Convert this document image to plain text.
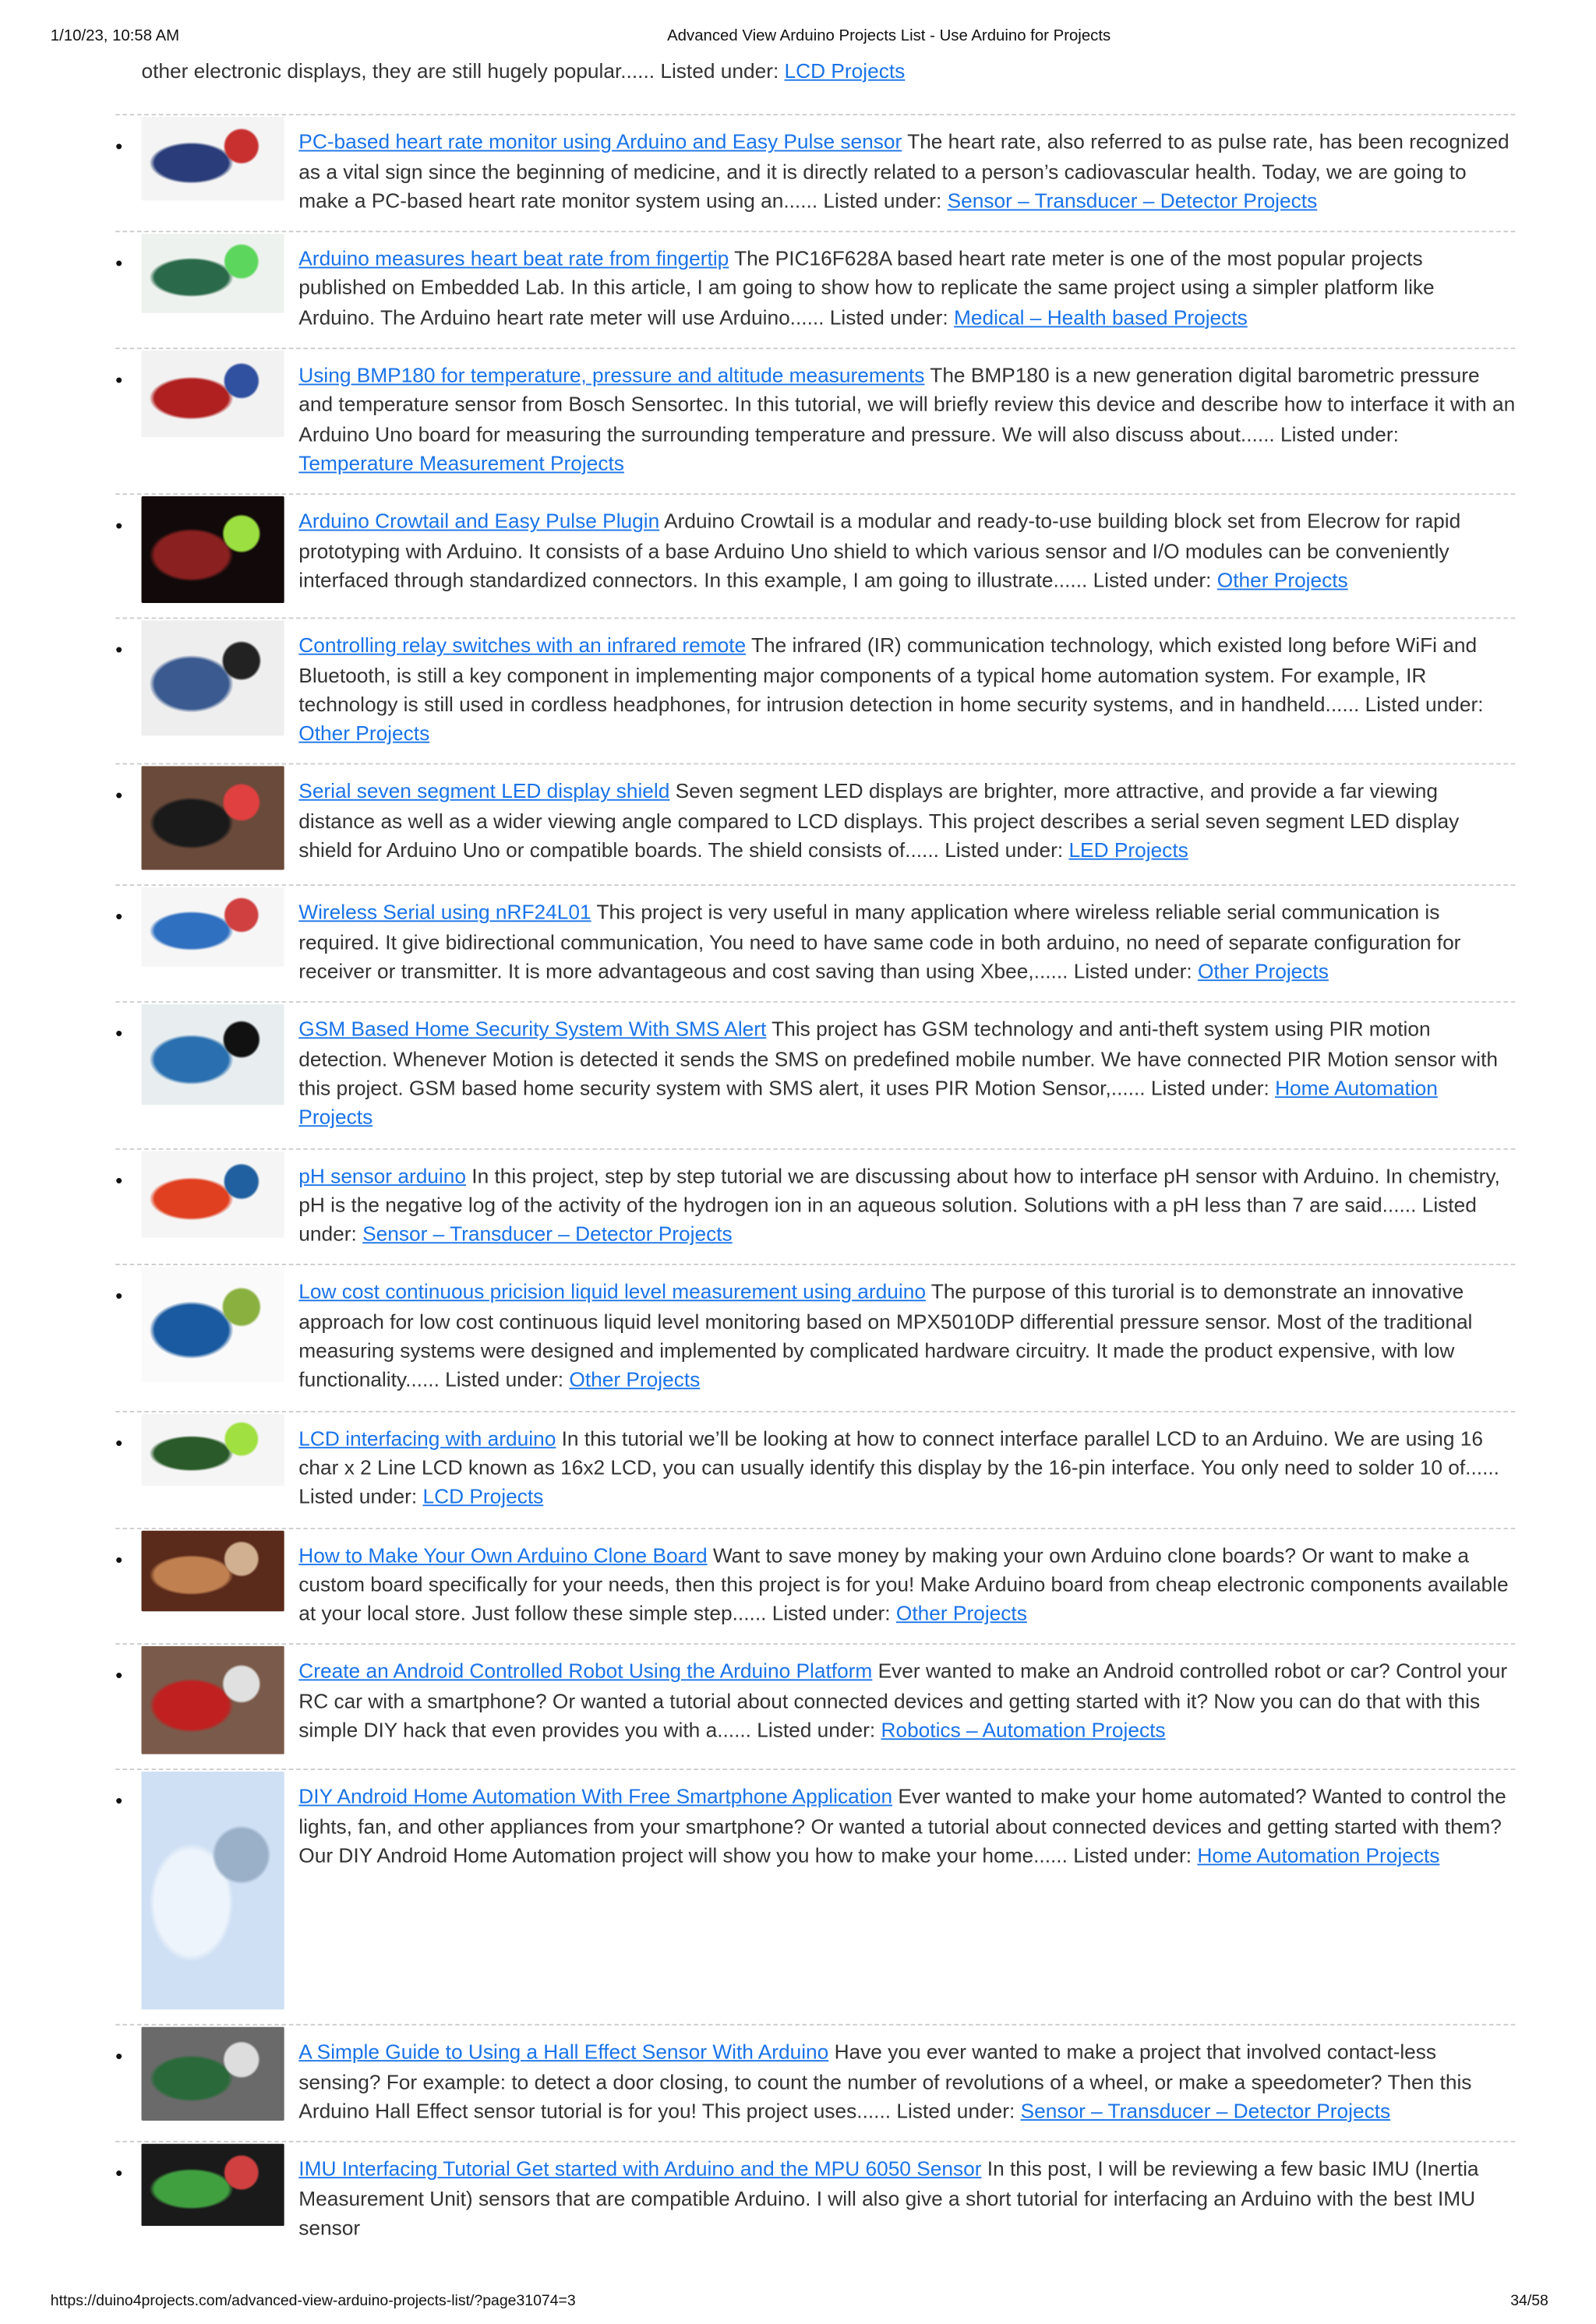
1/10/23, 10:58 AM	Advanced View Arduino Projects List - Use Arduino for Projects
other electronic displays, they are still hugely popular...... Listed under: LCD Projects
•	PC-based heart rate monitor using Arduino and Easy Pulse sensor The heart rate, also referred to as pulse rate, has been recognized as a vital sign since the beginning of medicine, and it is directly related to a person’s cadiovascular health. Today, we are going to make a PC-based heart rate monitor system using an...... Listed under: Sensor – Transducer – Detector Projects
•	Arduino measures heart beat rate from fingertip The PIC16F628A based heart rate meter is one of the most popular projects published on Embedded Lab. In this article, I am going to show how to replicate the same project using a simpler platform like Arduino. The Arduino heart rate meter will use Arduino...... Listed under: Medical – Health based Projects
•	Using BMP180 for temperature, pressure and altitude measurements The BMP180 is a new generation digital barometric pressure and temperature sensor from Bosch Sensortec. In this tutorial, we will briefly review this device and describe how to interface it with an Arduino Uno board for measuring the surrounding temperature and pressure. We will also discuss about...... Listed under: Temperature Measurement Projects
•	Arduino Crowtail and Easy Pulse Plugin Arduino Crowtail is a modular and ready-to-use building block set from Elecrow for rapid prototyping with Arduino. It consists of a base Arduino Uno shield to which various sensor and I/O modules can be conveniently interfaced through standardized connectors. In this example, I am going to illustrate...... Listed under: Other Projects
•	Controlling relay switches with an infrared remote The infrared (IR) communication technology, which existed long before WiFi and Bluetooth, is still a key component in implementing major components of a typical home automation system. For example, IR technology is still used in cordless headphones, for intrusion detection in home security systems, and in handheld...... Listed under: Other Projects
•	Serial seven segment LED display shield Seven segment LED displays are brighter, more attractive, and provide a far viewing distance as well as a wider viewing angle compared to LCD displays. This project describes a serial seven segment LED display shield for Arduino Uno or compatible boards. The shield consists of...... Listed under: LED Projects
•	Wireless Serial using nRF24L01 This project is very useful in many application where wireless reliable serial communication is required. It give bidirectional communication, You need to have same code in both arduino, no need of separate configuration for receiver or transmitter. It is more advantageous and cost saving than using Xbee,...... Listed under: Other Projects
•	GSM Based Home Security System With SMS Alert This project has GSM technology and anti-theft system using PIR motion detection. Whenever Motion is detected it sends the SMS on predefined mobile number. We have connected PIR Motion sensor with this project. GSM based home security system with SMS alert, it uses PIR Motion Sensor,...... Listed under: Home Automation Projects
•	pH sensor arduino In this project, step by step tutorial we are discussing about how to interface pH sensor with Arduino. In chemistry, pH is the negative log of the activity of the hydrogen ion in an aqueous solution. Solutions with a pH less than 7 are said...... Listed under: Sensor – Transducer – Detector Projects
•	Low cost continuous pricision liquid level measurement using arduino The purpose of this turorial is to demonstrate an innovative approach for low cost continuous liquid level monitoring based on MPX5010DP differential pressure sensor. Most of the traditional measuring systems were designed and implemented by complicated hardware circuitry. It made the product expensive, with low functionality...... Listed under: Other Projects
•	LCD interfacing with arduino In this tutorial we’ll be looking at how to connect interface parallel LCD to an Arduino. We are using 16 char x 2 Line LCD known as 16x2 LCD, you can usually identify this display by the 16-pin interface. You only need to solder 10 of...... Listed under: LCD Projects
•	How to Make Your Own Arduino Clone Board Want to save money by making your own Arduino clone boards? Or want to make a custom board specifically for your needs, then this project is for you! Make Arduino board from cheap electronic components available at your local store. Just follow these simple step...... Listed under: Other Projects
•	Create an Android Controlled Robot Using the Arduino Platform Ever wanted to make an Android controlled robot or car? Control your RC car with a smartphone? Or wanted a tutorial about connected devices and getting started with it? Now you can do that with this simple DIY hack that even provides you with a...... Listed under: Robotics – Automation Projects
•	DIY Android Home Automation With Free Smartphone Application Ever wanted to make your home automated? Wanted to control the lights, fan, and other appliances from your smartphone? Or wanted a tutorial about connected devices and getting started with them? Our DIY Android Home Automation project will show you how to make your home...... Listed under: Home Automation Projects
•	A Simple Guide to Using a Hall Effect Sensor With Arduino Have you ever wanted to make a project that involved contact-less sensing? For example: to detect a door closing, to count the number of revolutions of a wheel, or make a speedometer? Then this Arduino Hall Effect sensor tutorial is for you! This project uses...... Listed under: Sensor – Transducer – Detector Projects
•	IMU Interfacing Tutorial Get started with Arduino and the MPU 6050 Sensor In this post, I will be reviewing a few basic IMU (Inertia Measurement Unit) sensors that are compatible Arduino. I will also give a short tutorial for interfacing an Arduino with the best IMU sensor
https://duino4projects.com/advanced-view-arduino-projects-list/?page31074=3	34/58
